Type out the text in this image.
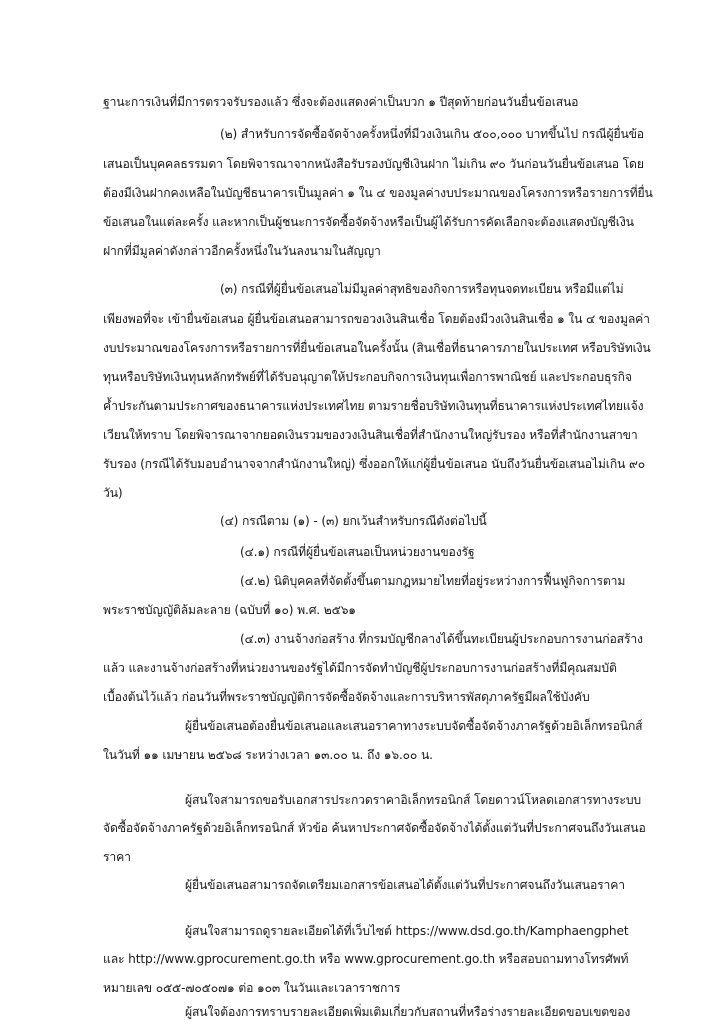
ฐานะการเงินที่มีการตรวจรับรองแล้ว ซึ่งจะต้องแสดงค่าเป็นบวก ๑ ปีสุดท้ายก่อนวันยื่นข้อเสนอ
(๒) สำหรับการจัดซื้อจัดจ้างครั้งหนึ่งที่มีวงเงินเกิน ๕๐๐,๐๐๐ บาทขึ้นไป กรณีผู้ยื่นข้อ
เสนอเป็นบุคคลธรรมดา โดยพิจารณาจากหนังสือรับรองบัญชีเงินฝาก ไม่เกิน ๙๐ วันก่อนวันยื่นข้อเสนอ โดย
ต้องมีเงินฝากคงเหลือในบัญชีธนาคารเป็นมูลค่า ๑ ใน ๔ ของมูลค่างบประมาณของโครงการหรือรายการที่ยื่น
ข้อเสนอในแต่ละครั้ง และหากเป็นผู้ชนะการจัดซื้อจัดจ้างหรือเป็นผู้ได้รับการคัดเลือกจะต้องแสดงบัญชีเงิน
ฝากที่มีมูลค่าดังกล่าวอีกครั้งหนึ่งในวันลงนามในสัญญา
(๓) กรณีที่ผู้ยื่นข้อเสนอไม่มีมูลค่าสุทธิของกิจการหรือทุนจดทะเบียน หรือมีแต่ไม่
เพียงพอที่จะ เข้ายื่นข้อเสนอ ผู้ยื่นข้อเสนอสามารถขอวงเงินสินเชื่อ โดยต้องมีวงเงินสินเชื่อ ๑ ใน ๔ ของมูลค่า
งบประมาณของโครงการหรือรายการที่ยื่นข้อเสนอในครั้งนั้น (สินเชื่อที่ธนาคารภายในประเทศ หรือบริษัทเงิน
ทุนหรือบริษัทเงินทุนหลักทรัพย์ที่ได้รับอนุญาตให้ประกอบกิจการเงินทุนเพื่อการพาณิชย์ และประกอบธุรกิจ
ค้ำประกันตามประกาศของธนาคารแห่งประเทศไทย ตามรายชื่อบริษัทเงินทุนที่ธนาคารแห่งประเทศไทยแจ้ง
เวียนให้ทราบ โดยพิจารณาจากยอดเงินรวมของวงเงินสินเชื่อที่สำนักงานใหญ่รับรอง หรือที่สำนักงานสาขา
รับรอง (กรณีได้รับมอบอำนาจจากสำนักงานใหญ่) ซึ่งออกให้แก่ผู้ยื่นข้อเสนอ นับถึงวันยื่นข้อเสนอไม่เกิน ๙๐
วัน)
(๔) กรณีตาม (๑) - (๓) ยกเว้นสำหรับกรณีดังต่อไปนี้
(๔.๑) กรณีที่ผู้ยื่นข้อเสนอเป็นหน่วยงานของรัฐ
(๔.๒) นิติบุคคลที่จัดตั้งขึ้นตามกฎหมายไทยที่อยู่ระหว่างการฟื้นฟูกิจการตาม
พระราชบัญญัติล้มละลาย (ฉบับที่ ๑๐) พ.ศ. ๒๕๖๑
(๔.๓) งานจ้างก่อสร้าง ที่กรมบัญชีกลางได้ขึ้นทะเบียนผู้ประกอบการงานก่อสร้าง
แล้ว และงานจ้างก่อสร้างที่หน่วยงานของรัฐได้มีการจัดทำบัญชีผู้ประกอบการงานก่อสร้างที่มีคุณสมบัติ
เบื้องต้นไว้แล้ว ก่อนวันที่พระราชบัญญัติการจัดซื้อจัดจ้างและการบริหารพัสดุภาครัฐมีผลใช้บังคับ
ผู้ยื่นข้อเสนอต้องยื่นข้อเสนอและเสนอราคาทางระบบจัดซื้อจัดจ้างภาครัฐด้วยอิเล็กทรอนิกส์
ในวันที่ ๑๑ เมษายน ๒๕๖๘ ระหว่างเวลา ๑๓.๐๐ น. ถึง ๑๖.๐๐ น.
ผู้สนใจสามารถขอรับเอกสารประกวดราคาอิเล็กทรอนิกส์ โดยดาวน์โหลดเอกสารทางระบบ
จัดซื้อจัดจ้างภาครัฐด้วยอิเล็กทรอนิกส์ หัวข้อ ค้นหาประกาศจัดซื้อจัดจ้างได้ตั้งแต่วันที่ประกาศจนถึงวันเสนอ
ราคา
ผู้ยื่นข้อเสนอสามารถจัดเตรียมเอกสารข้อเสนอได้ตั้งแต่วันที่ประกาศจนถึงวันเสนอราคา
ผู้สนใจสามารถดูรายละเอียดได้ที่เว็บไซต์ https://www.dsd.go.th/Kamphaengphet
และ http://www.gprocurement.go.th หรือ www.gprocurement.go.th หรือสอบถามทางโทรศัพท์
หมายเลข ๐๕๕-๗๐๕๐๗๑ ต่อ ๑๐๓ ในวันและเวลาราชการ
ผู้สนใจต้องการทราบรายละเอียดเพิ่มเติมเกี่ยวกับสถานที่หรือร่างรายละเอียดขอบเขตของ
